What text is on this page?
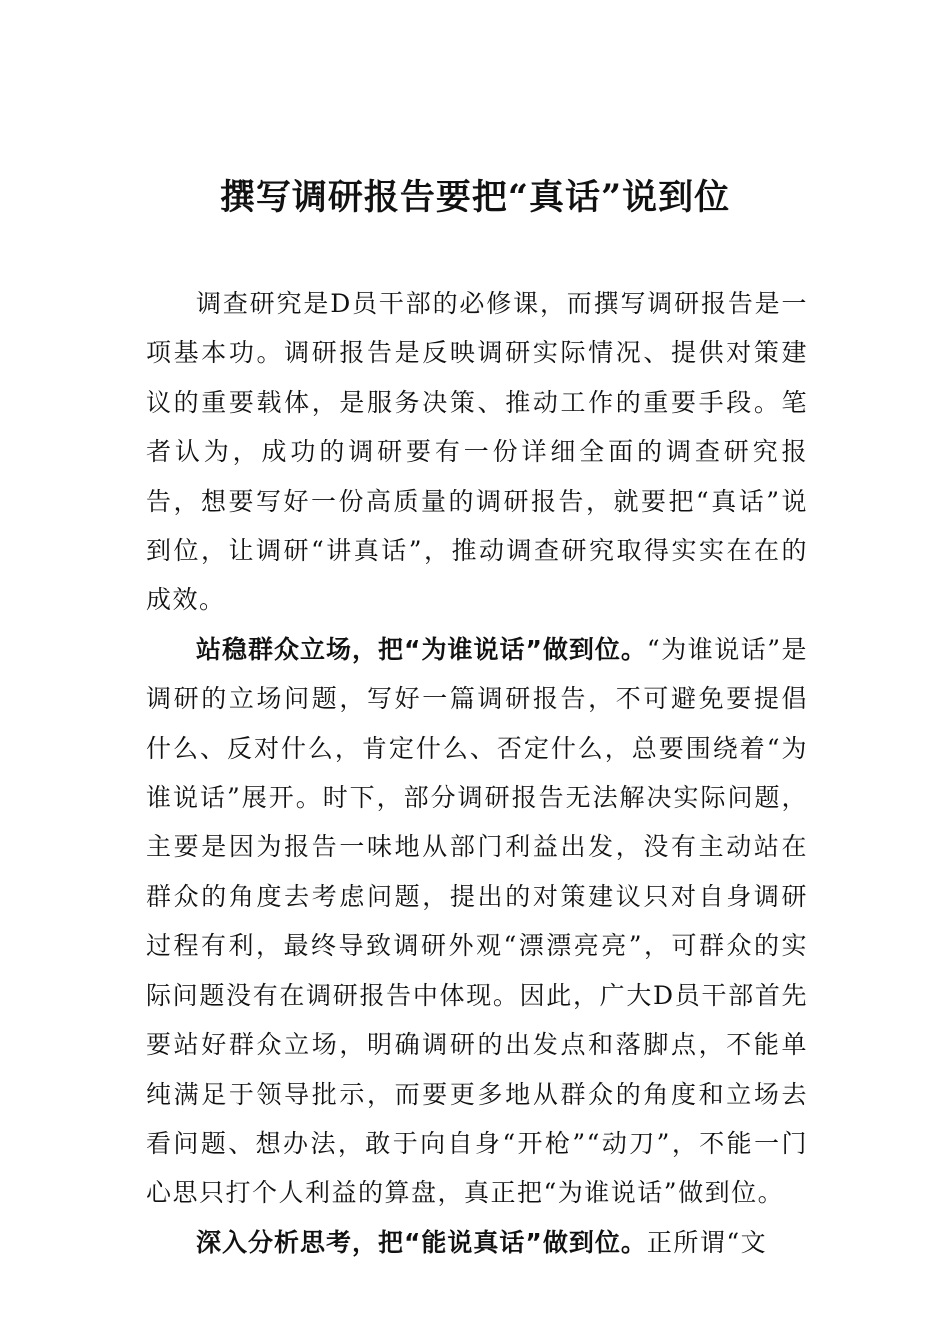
撰写调研报告要把“真话”说到位

调查研究是D员干部的必修课，而撰写调研报告是一项基本功。调研报告是反映调研实际情况、提供对策建议的重要载体，是服务决策、推动工作的重要手段。笔者认为，成功的调研要有一份详细全面的调查研究报告，想要写好一份高质量的调研报告，就要把“真话”说到位，让调研“讲真话”，推动调查研究取得实实在在的成效。

站稳群众立场，把“为谁说话”做到位。“为谁说话”是调研的立场问题，写好一篇调研报告，不可避免要提倡什么、反对什么，肯定什么、否定什么，总要围绕着“为谁说话”展开。时下，部分调研报告无法解决实际问题，主要是因为报告一味地从部门利益出发，没有主动站在群众的角度去考虑问题，提出的对策建议只对自身调研过程有利，最终导致调研外观“漂漂亮亮”，可群众的实际问题没有在调研报告中体现。因此，广大D员干部首先要站好群众立场，明确调研的出发点和落脚点，不能单纯满足于领导批示，而要更多地从群众的角度和立场去看问题、想办法，敢于向自身“开枪”“动刀”，不能一门心思只打个人利益的算盘，真正把“为谁说话”做到位。

深入分析思考，把“能说真话”做到位。正所谓“文
